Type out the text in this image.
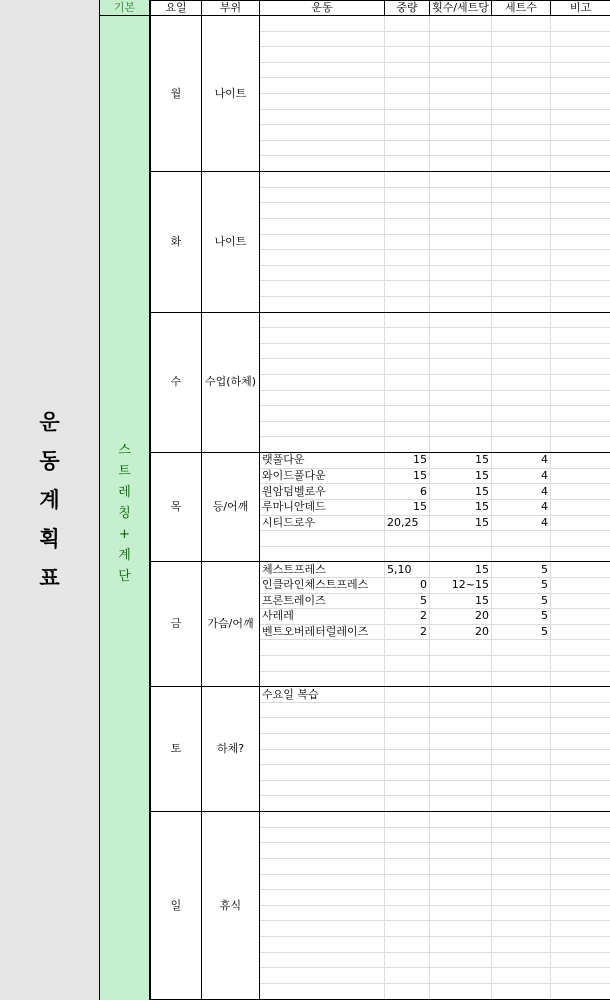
운
동
계
획
표
기본
스
트
레
칭
+
계
단
요일	부위	운동	중량	횟수/세트당	세트수	비고
월	나이트					

화	나이트					

수	수업(하체)					

목	등/어깨	랫풀다운	15	15	4	
		와이드풀다운	15	15	4	
		원암덤벨로우	6	15	4	
		루마니안데드	15	15	4	
		시티드로우	20,25	15	4	

금	가슴/어깨	체스트프레스	5,10	15	5	
		인클라인체스트프레스	0	12~15	5	
		프론트레이즈	5	15	5	
		사레레	2	20	5	
		벤트오버레터럴레이즈	2	20	5	

토	하체?	수요일 복습				

일	휴식					
